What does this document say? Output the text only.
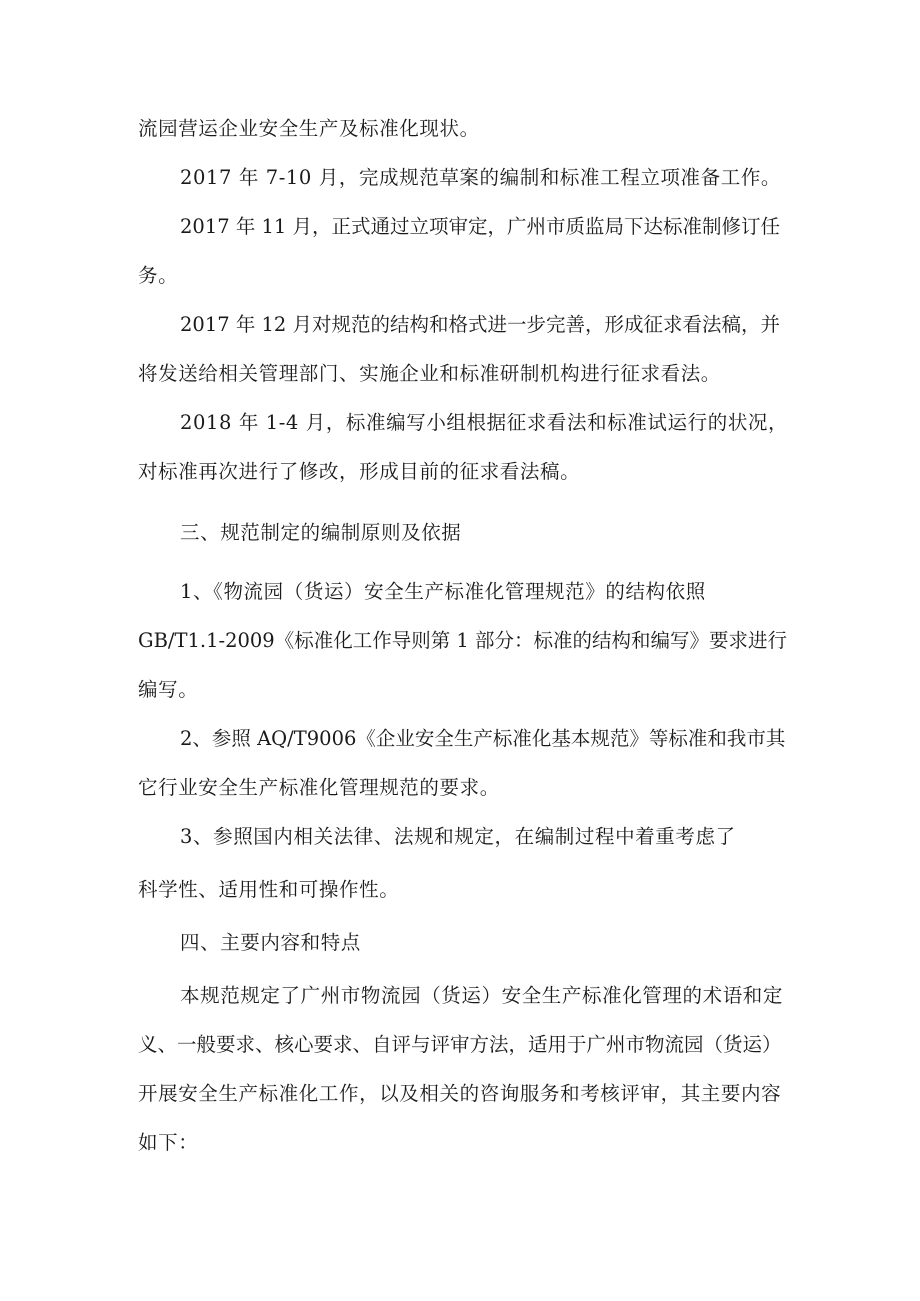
流园营运企业安全生产及标准化现状。
2017 年 7-10 月，完成规范草案的编制和标准工程立项准备工作。
2017 年 11 月，正式通过立项审定，广州市质监局下达标准制修订任
务。
2017 年 12 月对规范的结构和格式进一步完善，形成征求看法稿，并
将发送给相关管理部门、实施企业和标准研制机构进行征求看法。
2018 年 1-4 月，标准编写小组根据征求看法和标准试运行的状况，
对标准再次进行了修改，形成目前的征求看法稿。
三、规范制定的编制原则及依据
1、《物流园（货运）安全生产标准化管理规范》的结构依照
GB/T1.1-2009《标准化工作导则第 1 部分：标准的结构和编写》要求进行
编写。
2、参照 AQ/T9006《企业安全生产标准化基本规范》等标准和我市其
它行业安全生产标准化管理规范的要求。
3、参照国内相关法律、法规和规定，在编制过程中着重考虑了
科学性、适用性和可操作性。
四、主要内容和特点
本规范规定了广州市物流园（货运）安全生产标准化管理的术语和定
义、一般要求、核心要求、自评与评审方法，适用于广州市物流园（货运）
开展安全生产标准化工作，以及相关的咨询服务和考核评审，其主要内容
如下：
